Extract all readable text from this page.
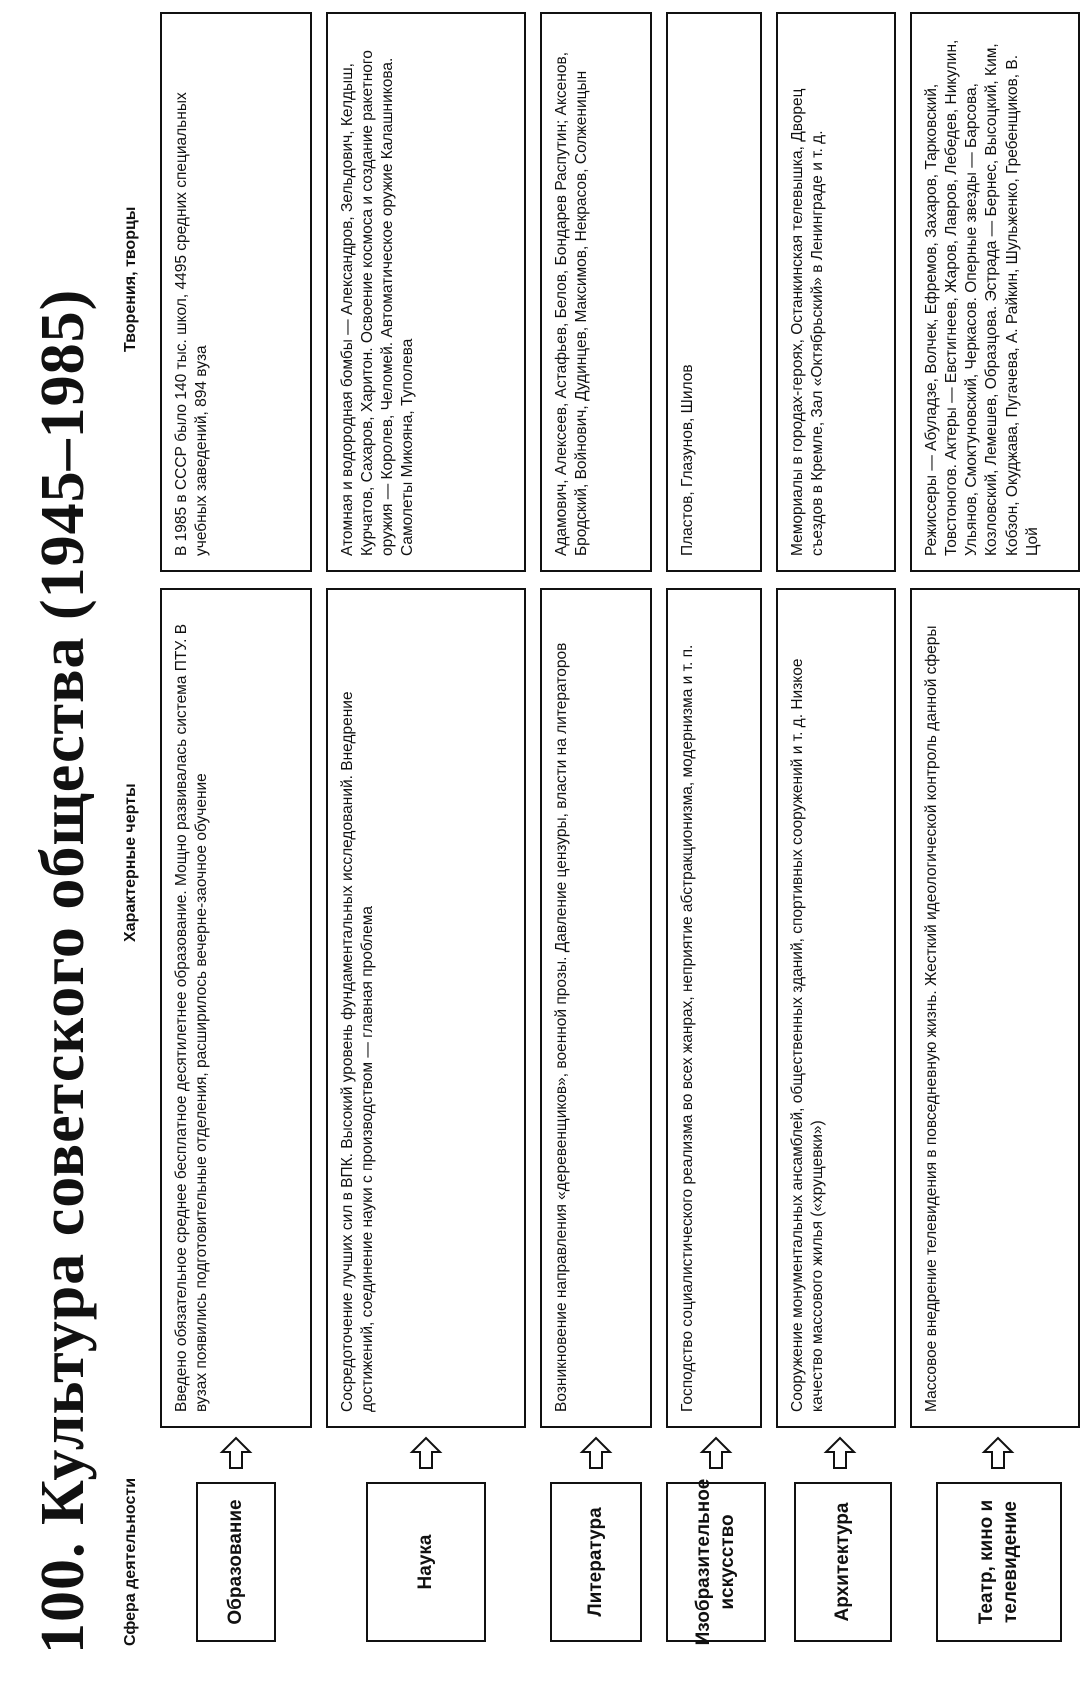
100. Культура советского общества (1945–1985)	Сфера деятельности
Характерные черты
Творения, творцы
Образование
Введено обязательное среднее бесплатное десятилетнее образование. Мощно развивалась система ПТУ. В вузах появились подготовительные отделения, расширилось вечерне-заочное обучение
В 1985 в СССР было 140 тыс. школ, 4495 средних специальных учебных заведений, 894 вуза
Наука
Сосредоточение лучших сил в ВПК. Высокий уровень фундаментальных исследований. Внедрение достижений, соединение науки с производством — главная проблема
Атомная и водородная бомбы — Александров, Зельдович, Келдыш, Курчатов, Сахаров, Харитон. Освоение космоса и создание ракетного оружия — Королев, Челомей. Автоматическое оружие Калашникова. Самолеты Микояна, Туполева
Литература
Возникновение направления «деревенщиков», военной прозы. Давление цензуры, власти на литераторов
Адамович, Алексеев, Астафьев, Белов, Бондарев Распутин; Аксенов, Бродский, Войнович, Дудинцев, Максимов, Некрасов, Солженицын
Изобразительное искусство
Господство социалистического реализма во всех жанрах, неприятие абстракционизма, модернизма и т. п.
Пластов, Глазунов, Шилов
Архитектура
Сооружение монументальных ансамблей, общественных зданий, спортивных сооружений и т. д. Низкое качество массового жилья («хрущевки»)
Мемориалы в городах-героях, Останкинская телевышка, Дворец съездов в Кремле, Зал «Октябрьский» в Ленинграде и т. д.
Театр, кино и телевидение
Массовое внедрение телевидения в повседневную жизнь. Жесткий идеологической контроль данной сферы
Режиссеры — Абуладзе, Волчек, Ефремов, Захаров, Тарковский, Товстоногов. Актеры — Евстигнеев, Жаров, Лавров, Лебедев, Никулин, Ульянов, Смоктуновский, Черкасов. Оперные звезды — Барсова, Козловский, Лемешев, Образцова. Эстрада — Бернес, Высоцкий, Ким, Кобзон, Окуджава, Пугачева, А. Райкин, Шульженко, Гребенщиков, В. Цой
